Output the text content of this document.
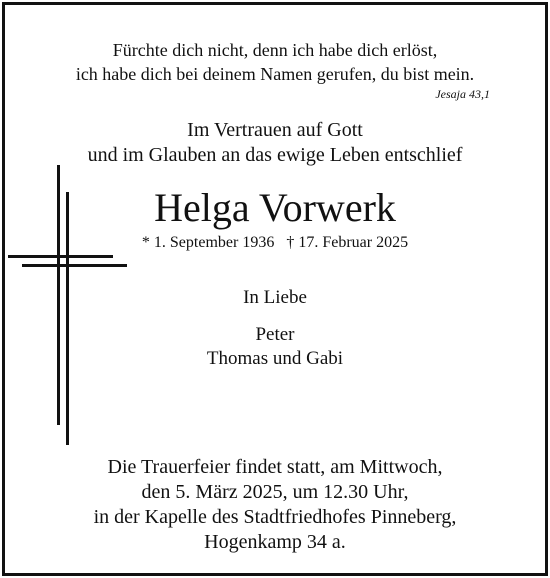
Fürchte dich nicht, denn ich habe dich erlöst,
ich habe dich bei deinem Namen gerufen, du bist mein.
Jesaja 43,1
Im Vertrauen auf Gott
und im Glauben an das ewige Leben entschlief
Helga Vorwerk
* 1. September 1936 † 17. Februar 2025
In Liebe
Peter
Thomas und Gabi
Die Trauerfeier findet statt, am Mittwoch,
den 5. März 2025, um 12.30 Uhr,
in der Kapelle des Stadtfriedhofes Pinneberg,
Hogenkamp 34 a.
